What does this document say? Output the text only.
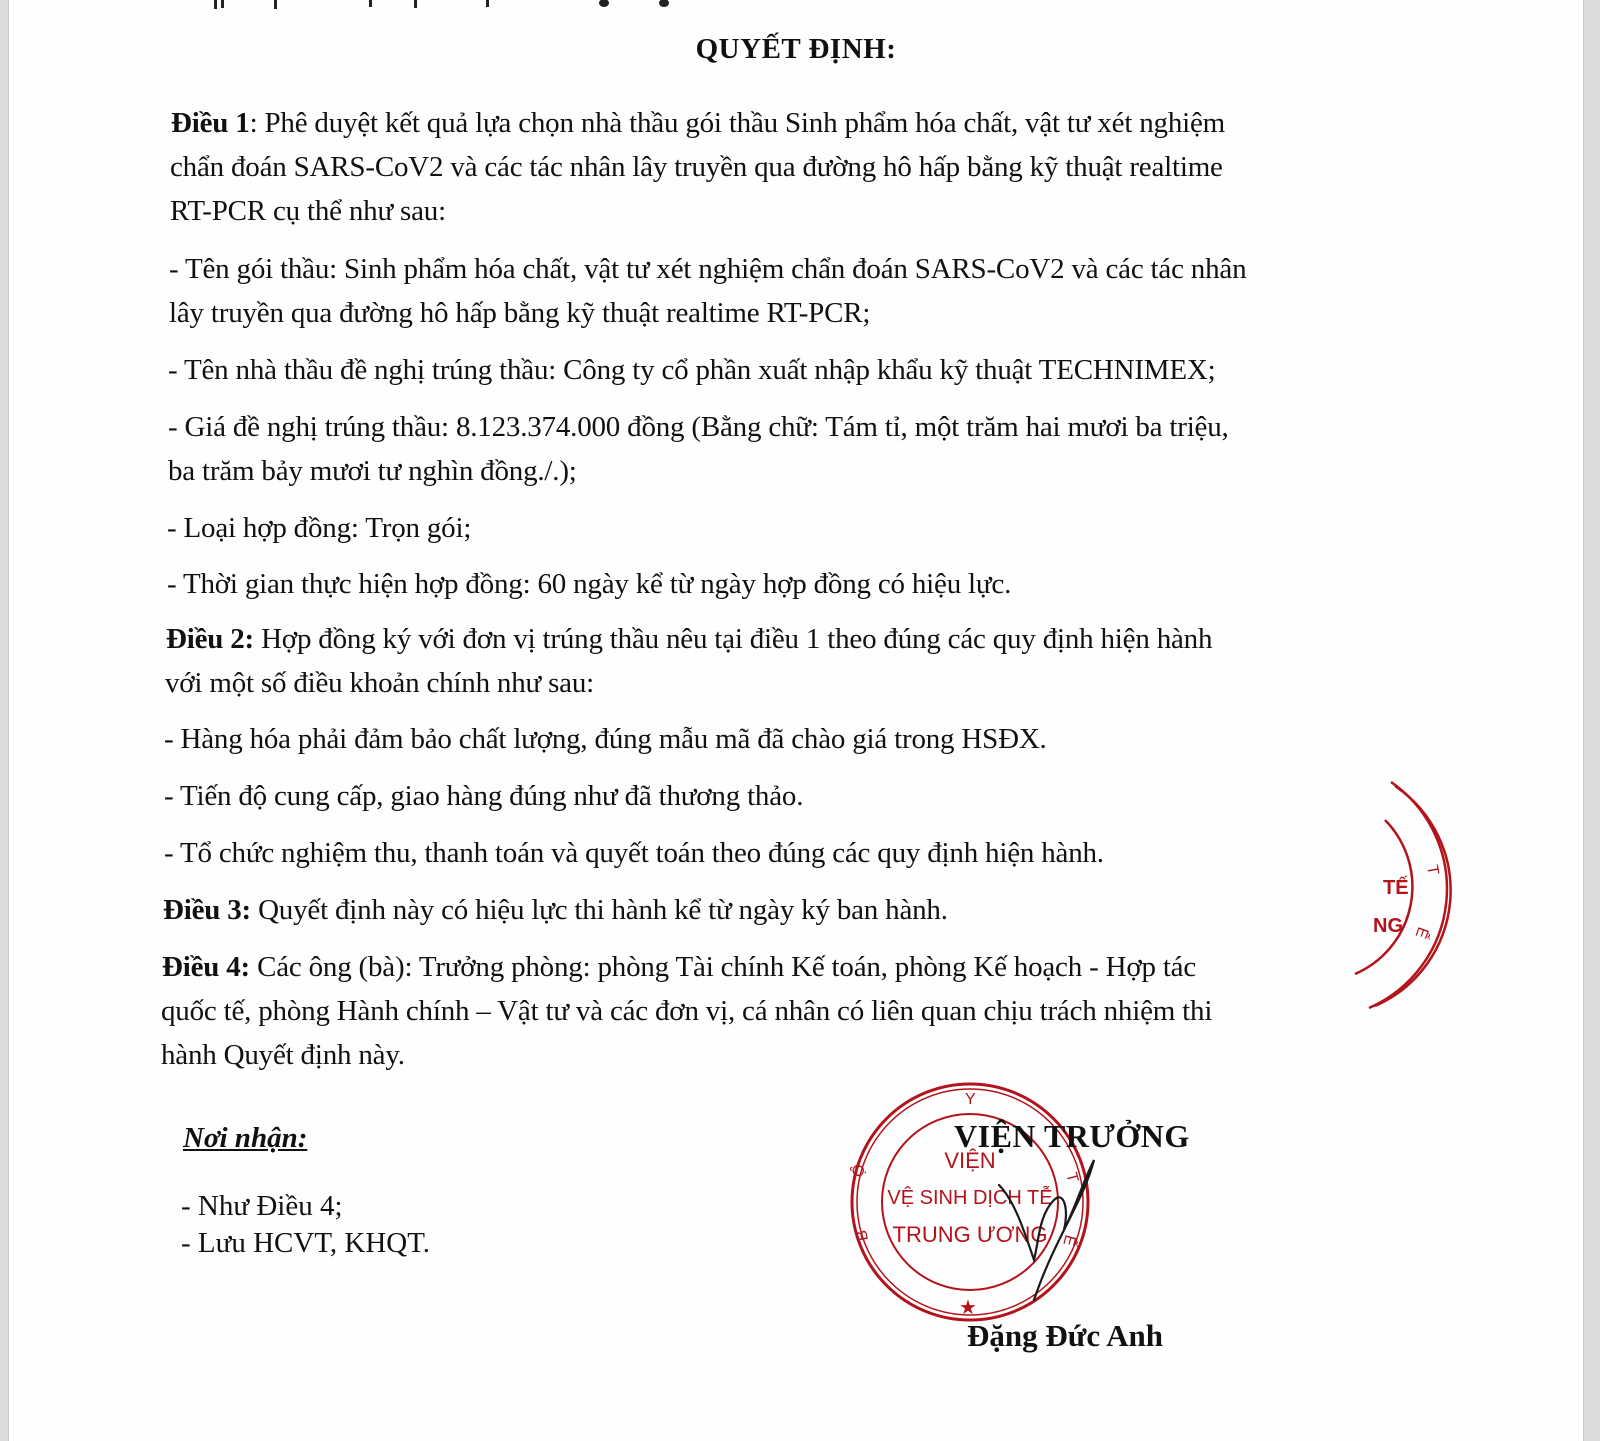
QUYẾT ĐỊNH:

Điều 1: Phê duyệt kết quả lựa chọn nhà thầu gói thầu Sinh phẩm hóa chất, vật tư xét nghiệm

chẩn đoán SARS-CoV2 và các tác nhân lây truyền qua đường hô hấp bằng kỹ thuật realtime

RT-PCR cụ thể như sau:

- Tên gói thầu: Sinh phẩm hóa chất, vật tư xét nghiệm chẩn đoán SARS-CoV2 và các tác nhân

lây truyền qua đường hô hấp bằng kỹ thuật realtime RT-PCR;

- Tên nhà thầu đề nghị trúng thầu: Công ty cổ phần xuất nhập khẩu kỹ thuật TECHNIMEX;

- Giá đề nghị trúng thầu: 8.123.374.000 đồng (Bằng chữ: Tám tỉ, một trăm hai mươi ba triệu,

ba trăm bảy mươi tư nghìn đồng./.);

- Loại hợp đồng: Trọn gói;

- Thời gian thực hiện hợp đồng: 60 ngày kể từ ngày hợp đồng có hiệu lực.

Điều 2: Hợp đồng ký với đơn vị trúng thầu nêu tại điều 1 theo đúng các quy định hiện hành

với một số điều khoản chính như sau:

- Hàng hóa phải đảm bảo chất lượng, đúng mẫu mã đã chào giá trong HSĐX.

- Tiến độ cung cấp, giao hàng đúng như đã thương thảo.

- Tổ chức nghiệm thu, thanh toán và quyết toán theo đúng các quy định hiện hành.

Điều 3: Quyết định này có hiệu lực thi hành kể từ ngày ký ban hành.

Điều 4: Các ông (bà): Trưởng phòng: phòng Tài chính Kế toán, phòng Kế hoạch - Hợp tác

quốc tế, phòng Hành chính – Vật tư và các đơn vị, cá nhân có liên quan chịu trách nhiệm thi

hành Quyết định này.

Nơi nhận:
- Như Điều 4;
- Lưu HCVT, KHQT.
TẾ
NG
T
Ế
Y
Ộ
B
T
Ế
★
VIỆN
VỆ SINH DỊCH TỄ
TRUNG ƯƠNG
VIỆN TRƯỞNG
Đặng Đức Anh
